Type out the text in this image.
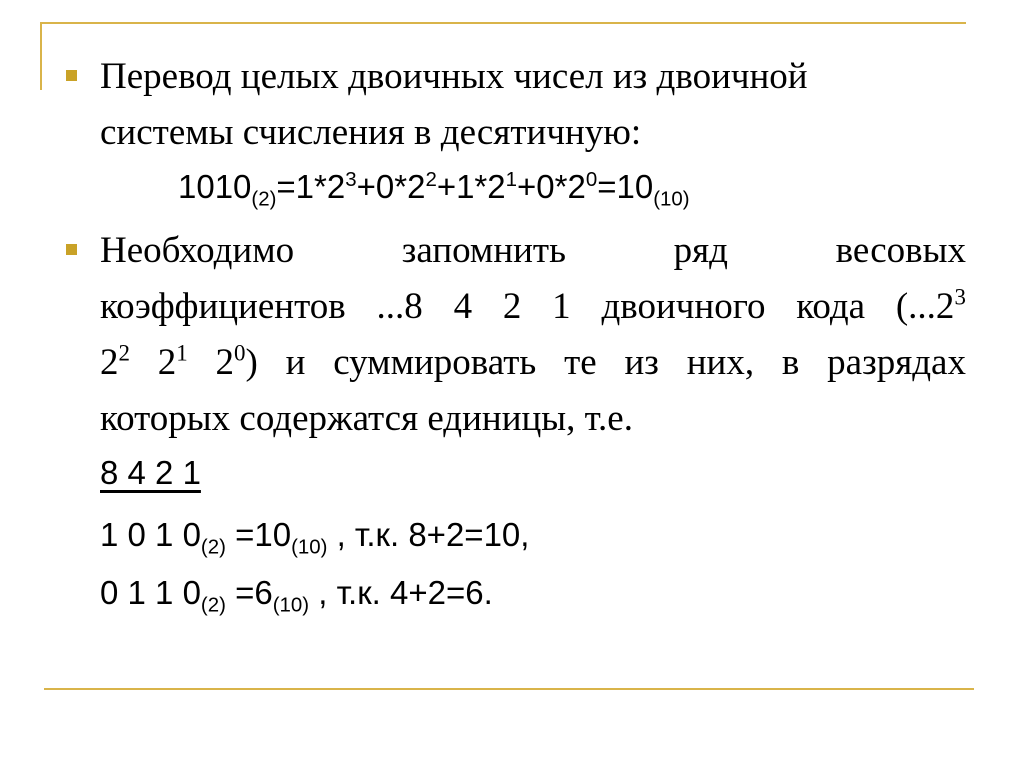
Перевод целых двоичных чисел из двоичной
системы счисления в десятичную:
$1010_{(2)}=1*2^3+0*2^2+1*2^1+0*2^0=10_{(10)}$
Необходимо	запомнить	ряд	весовых
коэффициентов ...8 4 2 1 двоичного кода (...2$^3$
$2^2$ $2^1$ $2^0$) и суммировать те из них, в разрядах
которых содержатся единицы, т.е.
8 4 2 1
1 0 1 $0_{(2)} =10_{(10)}$ , т.к. 8+2=10,
0 1 1 $0_{(2)} =6_{(10)}$ , т.к. 4+2=6.
